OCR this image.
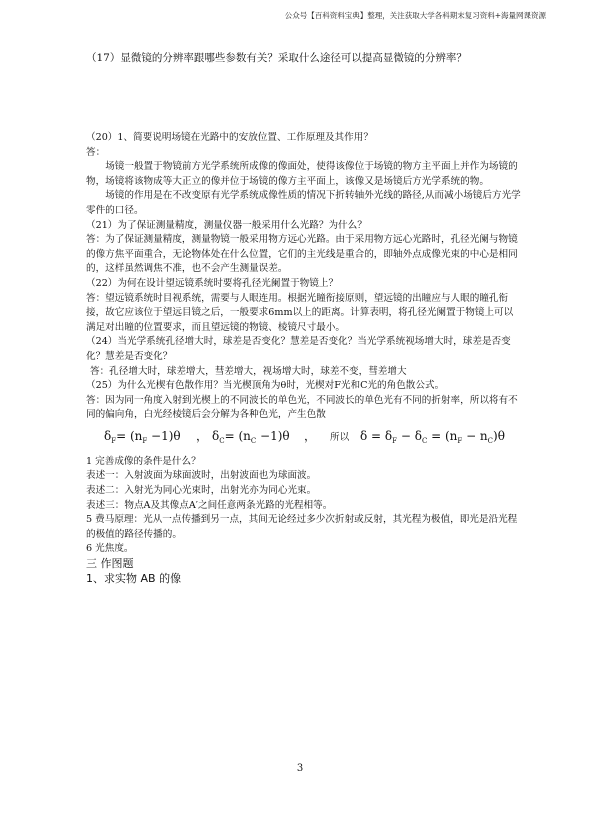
公众号【百科资料宝典】整理，关注获取大学各科期末复习资料+海量网课资源
（17）显微镜的分辨率跟哪些参数有关？采取什么途径可以提高显微镜的分辨率？

（20）1、简要说明场镜在光路中的安放位置、工作原理及其作用？

答：

场镜一般置于物镜前方光学系统所成像的像面处，使得该像位于场镜的物方主平面上并作为场镜的物，场镜将该物成等大正立的像并位于场镜的像方主平面上，该像又是场镜后方光学系统的物。

场镜的作用是在不改变原有光学系统成像性质的情况下折转轴外光线的路径,从而减小场镜后方光学零件的口径。

（21）为了保证测量精度，测量仪器一般采用什么光路？为什么？

答：为了保证测量精度，测量物镜一般采用物方远心光路。由于采用物方远心光路时，孔径光阑与物镜的像方焦平面重合，无论物体处在什么位置，它们的主光线是重合的，即轴外点成像光束的中心是相同的，这样虽然调焦不准，也不会产生测量误差。

（22）为何在设计望远镜系统时要将孔径光阑置于物镜上？

答：望远镜系统时目视系统，需要与人眼连用。根据光瞳衔接原则，望远镜的出瞳应与人眼的瞳孔衔接，故它应该位于望远目镜之后，一般要求6mm以上的距离。计算表明，将孔径光阑置于物镜上可以满足对出瞳的位置要求，而且望远镜的物镜、棱镜尺寸最小。

（24）当光学系统孔径增大时，球差是否变化？慧差是否变化？当光学系统视场增大时，球差是否变化？慧差是否变化？

答：孔径增大时，球差增大，彗差增大，视场增大时，球差不变，彗差增大

（25）为什么光楔有色散作用？当光楔顶角为θ时，光楔对F光和C光的角色散公式。

答：因为同一角度入射到光楔上的不同波长的单色光，不同波长的单色光有不同的折射率，所以将有不同的偏向角，白光经棱镜后会分解为各种色光，产生色散

$\delta_F= (n_F -1)\theta$ ， $\delta_C= (n_C -1)\theta$ ， 所以 $\delta = \delta_F - \delta_C = (n_F - n_C)\theta$

1 完善成像的条件是什么？

表述一：入射波面为球面波时，出射波面也为球面波。

表述二：入射光为同心光束时，出射光亦为同心光束。

表述三：物点A及其像点A′之间任意两条光路的光程相等。

5 费马原理：光从一点传播到另一点，其间无论经过多少次折射或反射，其光程为极值，即光是沿光程的极值的路径传播的。

6 光焦度。

三 作图题

1、求实物 AB 的像

3
